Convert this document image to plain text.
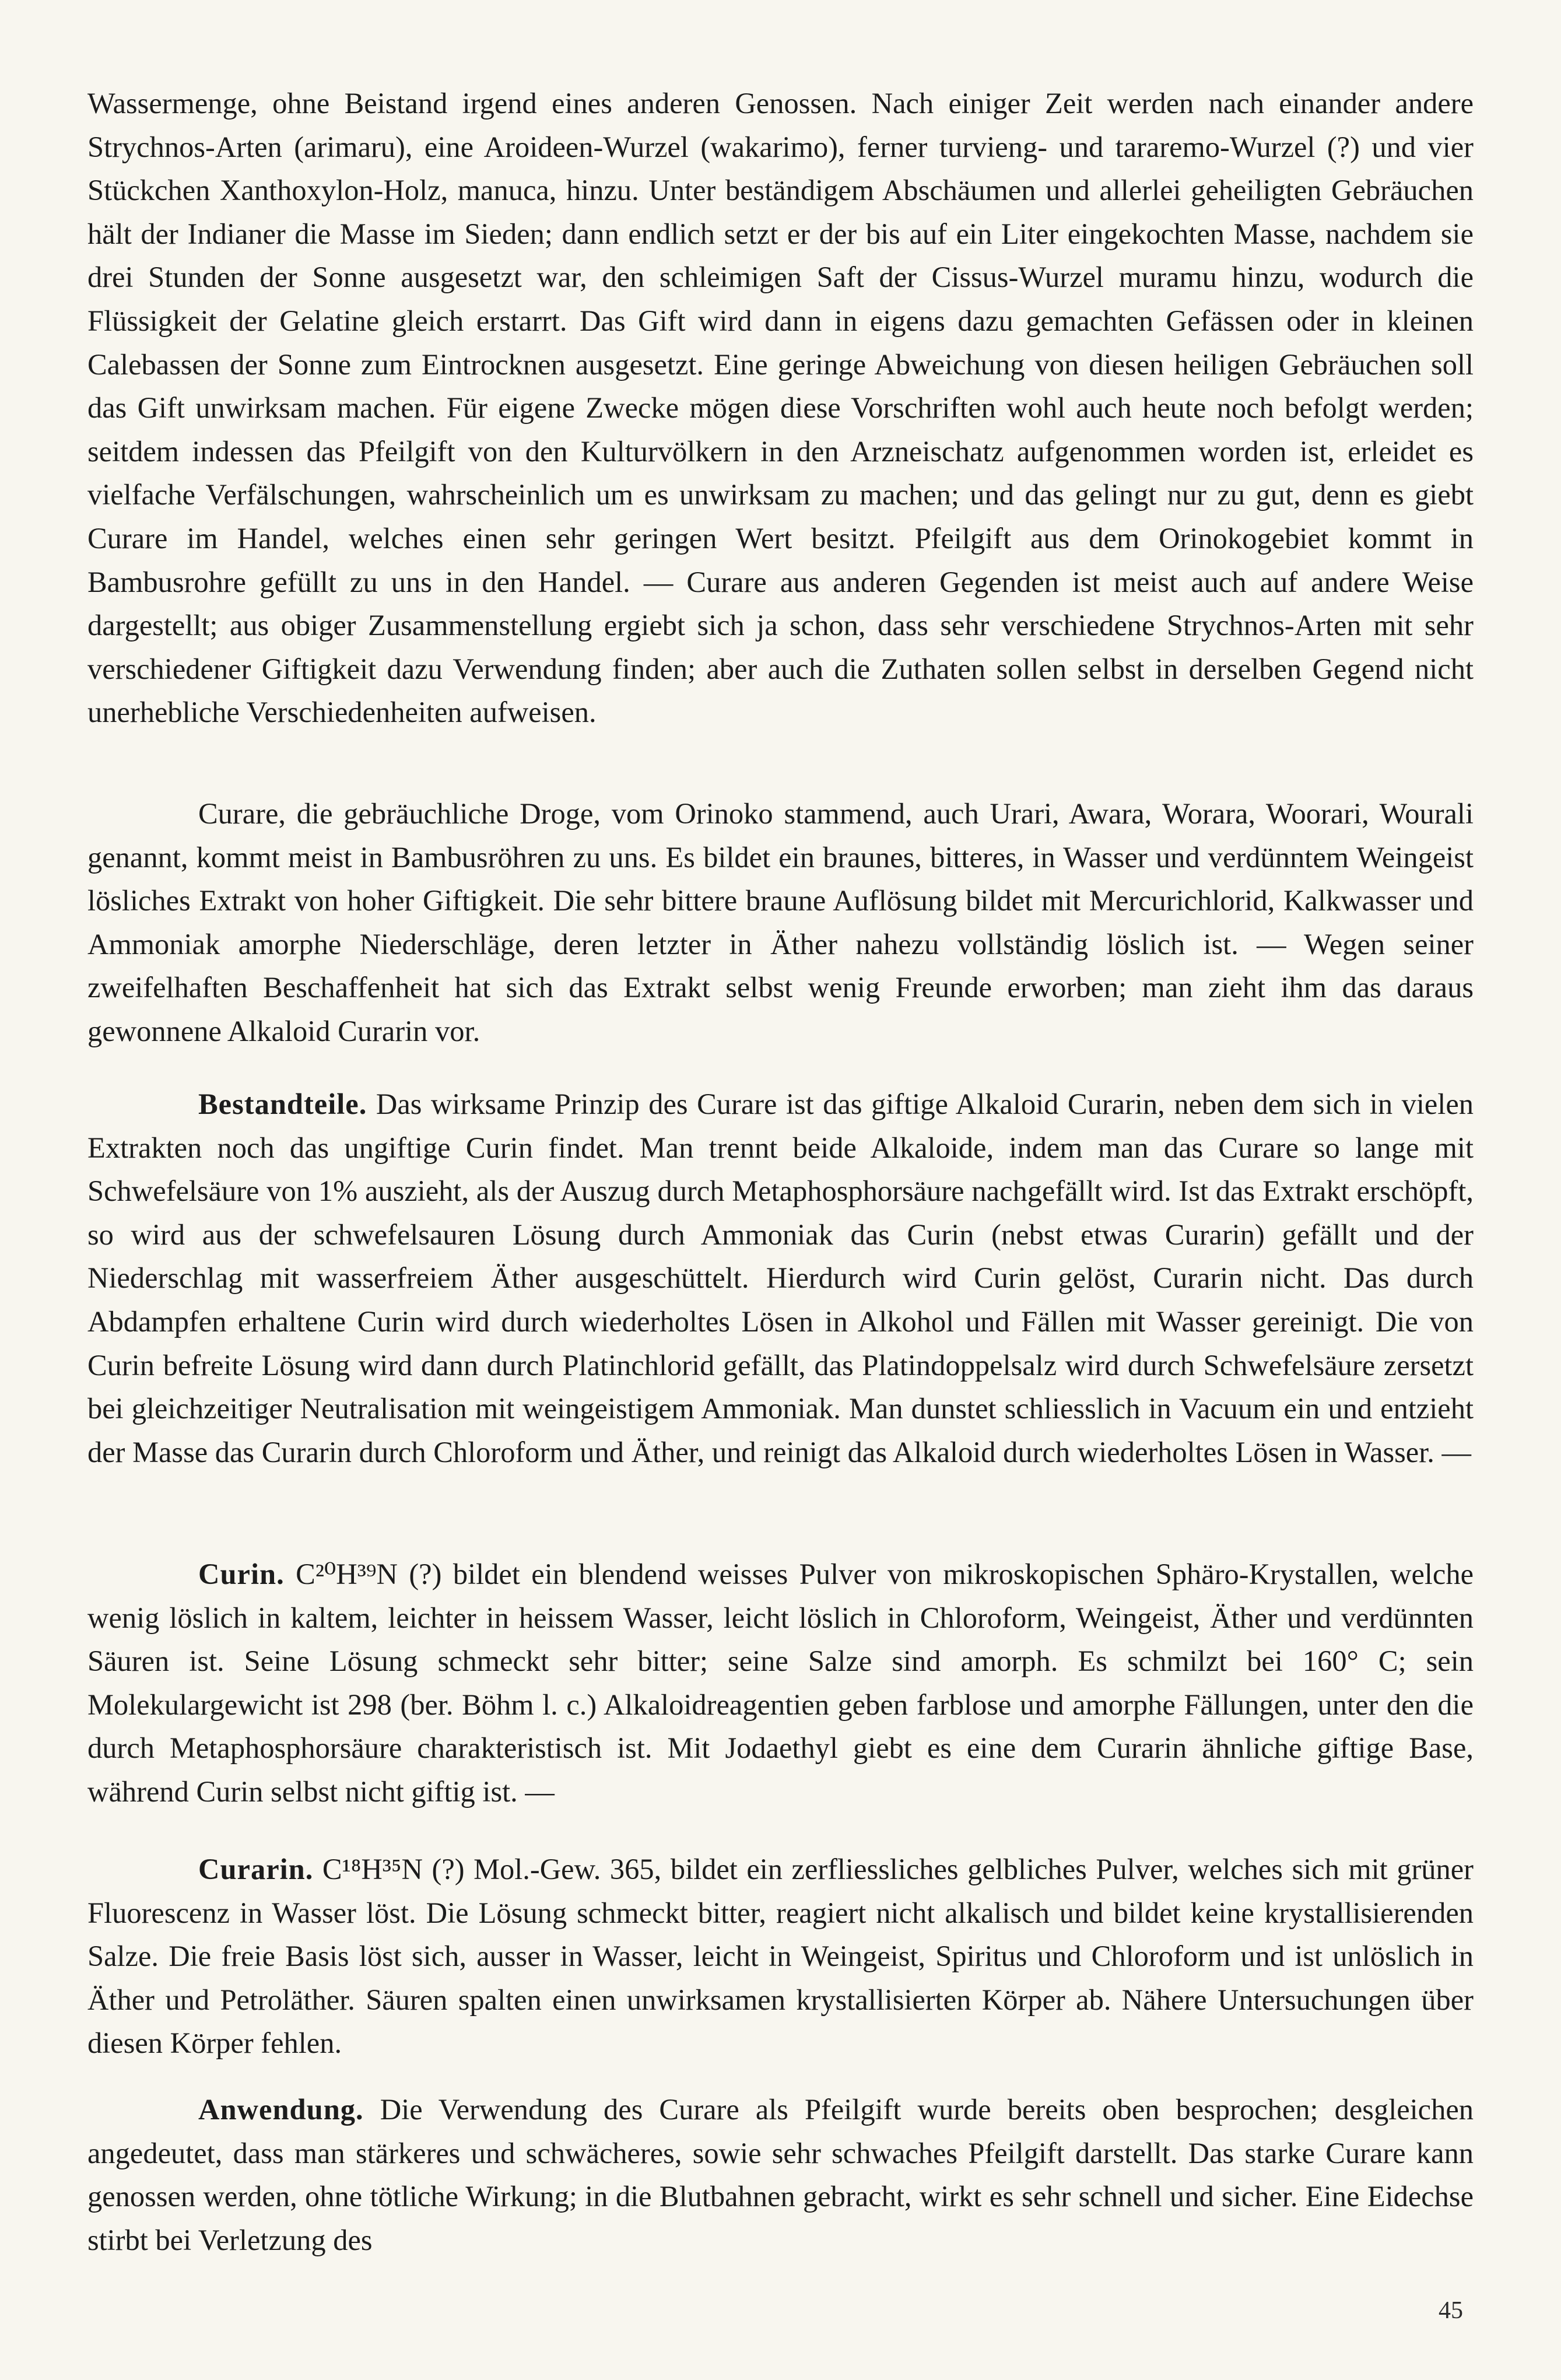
Wassermenge, ohne Beistand irgend eines anderen Genossen. Nach einiger Zeit werden nach einander andere Strychnos-Arten (arimaru), eine Aroideen-Wurzel (wakarimo), ferner turvieng- und tararemo-Wurzel (?) und vier Stückchen Xanthoxylon-Holz, manuca, hinzu. Unter beständigem Abschäumen und allerlei geheiligten Gebräuchen hält der Indianer die Masse im Sieden; dann endlich setzt er der bis auf ein Liter eingekochten Masse, nachdem sie drei Stunden der Sonne ausgesetzt war, den schleimigen Saft der Cissus-Wurzel muramu hinzu, wodurch die Flüssigkeit der Gelatine gleich erstarrt. Das Gift wird dann in eigens dazu gemachten Gefässen oder in kleinen Calebassen der Sonne zum Eintrocknen ausgesetzt. Eine geringe Abweichung von diesen heiligen Gebräuchen soll das Gift unwirksam machen. Für eigene Zwecke mögen diese Vorschriften wohl auch heute noch befolgt werden; seitdem indessen das Pfeilgift von den Kulturvölkern in den Arzneischatz aufgenommen worden ist, erleidet es vielfache Verfälschungen, wahrscheinlich um es unwirksam zu machen; und das gelingt nur zu gut, denn es giebt Curare im Handel, welches einen sehr geringen Wert besitzt. Pfeilgift aus dem Orinokogebiet kommt in Bambusrohre gefüllt zu uns in den Handel. — Curare aus anderen Gegenden ist meist auch auf andere Weise dargestellt; aus obiger Zusammenstellung ergiebt sich ja schon, dass sehr verschiedene Strychnos-Arten mit sehr verschiedener Giftigkeit dazu Verwendung finden; aber auch die Zuthaten sollen selbst in derselben Gegend nicht unerhebliche Verschiedenheiten aufweisen.

Curare, die gebräuchliche Droge, vom Orinoko stammend, auch Urari, Awara, Worara, Woorari, Wourali genannt, kommt meist in Bambusröhren zu uns. Es bildet ein braunes, bitteres, in Wasser und verdünntem Weingeist lösliches Extrakt von hoher Giftigkeit. Die sehr bittere braune Auflösung bildet mit Mercurichlorid, Kalkwasser und Ammoniak amorphe Niederschläge, deren letzter in Äther nahezu vollständig löslich ist. — Wegen seiner zweifelhaften Beschaffenheit hat sich das Extrakt selbst wenig Freunde erworben; man zieht ihm das daraus gewonnene Alkaloid Curarin vor.

Bestandteile. Das wirksame Prinzip des Curare ist das giftige Alkaloid Curarin, neben dem sich in vielen Extrakten noch das ungiftige Curin findet. Man trennt beide Alkaloide, indem man das Curare so lange mit Schwefelsäure von 1% auszieht, als der Auszug durch Metaphosphorsäure nachgefällt wird. Ist das Extrakt erschöpft, so wird aus der schwefelsauren Lösung durch Ammoniak das Curin (nebst etwas Curarin) gefällt und der Niederschlag mit wasserfreiem Äther ausgeschüttelt. Hierdurch wird Curin gelöst, Curarin nicht. Das durch Abdampfen erhaltene Curin wird durch wiederholtes Lösen in Alkohol und Fällen mit Wasser gereinigt. Die von Curin befreite Lösung wird dann durch Platinchlorid gefällt, das Platindoppelsalz wird durch Schwefelsäure zersetzt bei gleichzeitiger Neutralisation mit weingeistigem Ammoniak. Man dunstet schliesslich in Vacuum ein und entzieht der Masse das Curarin durch Chloroform und Äther, und reinigt das Alkaloid durch wiederholtes Lösen in Wasser. —

Curin. C²⁰H³⁹N (?) bildet ein blendend weisses Pulver von mikroskopischen Sphäro-Krystallen, welche wenig löslich in kaltem, leichter in heissem Wasser, leicht löslich in Chloroform, Weingeist, Äther und verdünnten Säuren ist. Seine Lösung schmeckt sehr bitter; seine Salze sind amorph. Es schmilzt bei 160° C; sein Molekulargewicht ist 298 (ber. Böhm l. c.) Alkaloidreagentien geben farblose und amorphe Fällungen, unter den die durch Metaphosphorsäure charakteristisch ist. Mit Jodaethyl giebt es eine dem Curarin ähnliche giftige Base, während Curin selbst nicht giftig ist. —

Curarin. C¹⁸H³⁵N (?) Mol.-Gew. 365, bildet ein zerfliessliches gelbliches Pulver, welches sich mit grüner Fluorescenz in Wasser löst. Die Lösung schmeckt bitter, reagiert nicht alkalisch und bildet keine krystallisierenden Salze. Die freie Basis löst sich, ausser in Wasser, leicht in Weingeist, Spiritus und Chloroform und ist unlöslich in Äther und Petroläther. Säuren spalten einen unwirksamen krystallisierten Körper ab. Nähere Untersuchungen über diesen Körper fehlen.

Anwendung. Die Verwendung des Curare als Pfeilgift wurde bereits oben besprochen; desgleichen angedeutet, dass man stärkeres und schwächeres, sowie sehr schwaches Pfeilgift darstellt. Das starke Curare kann genossen werden, ohne tötliche Wirkung; in die Blutbahnen gebracht, wirkt es sehr schnell und sicher. Eine Eidechse stirbt bei Verletzung des

45
